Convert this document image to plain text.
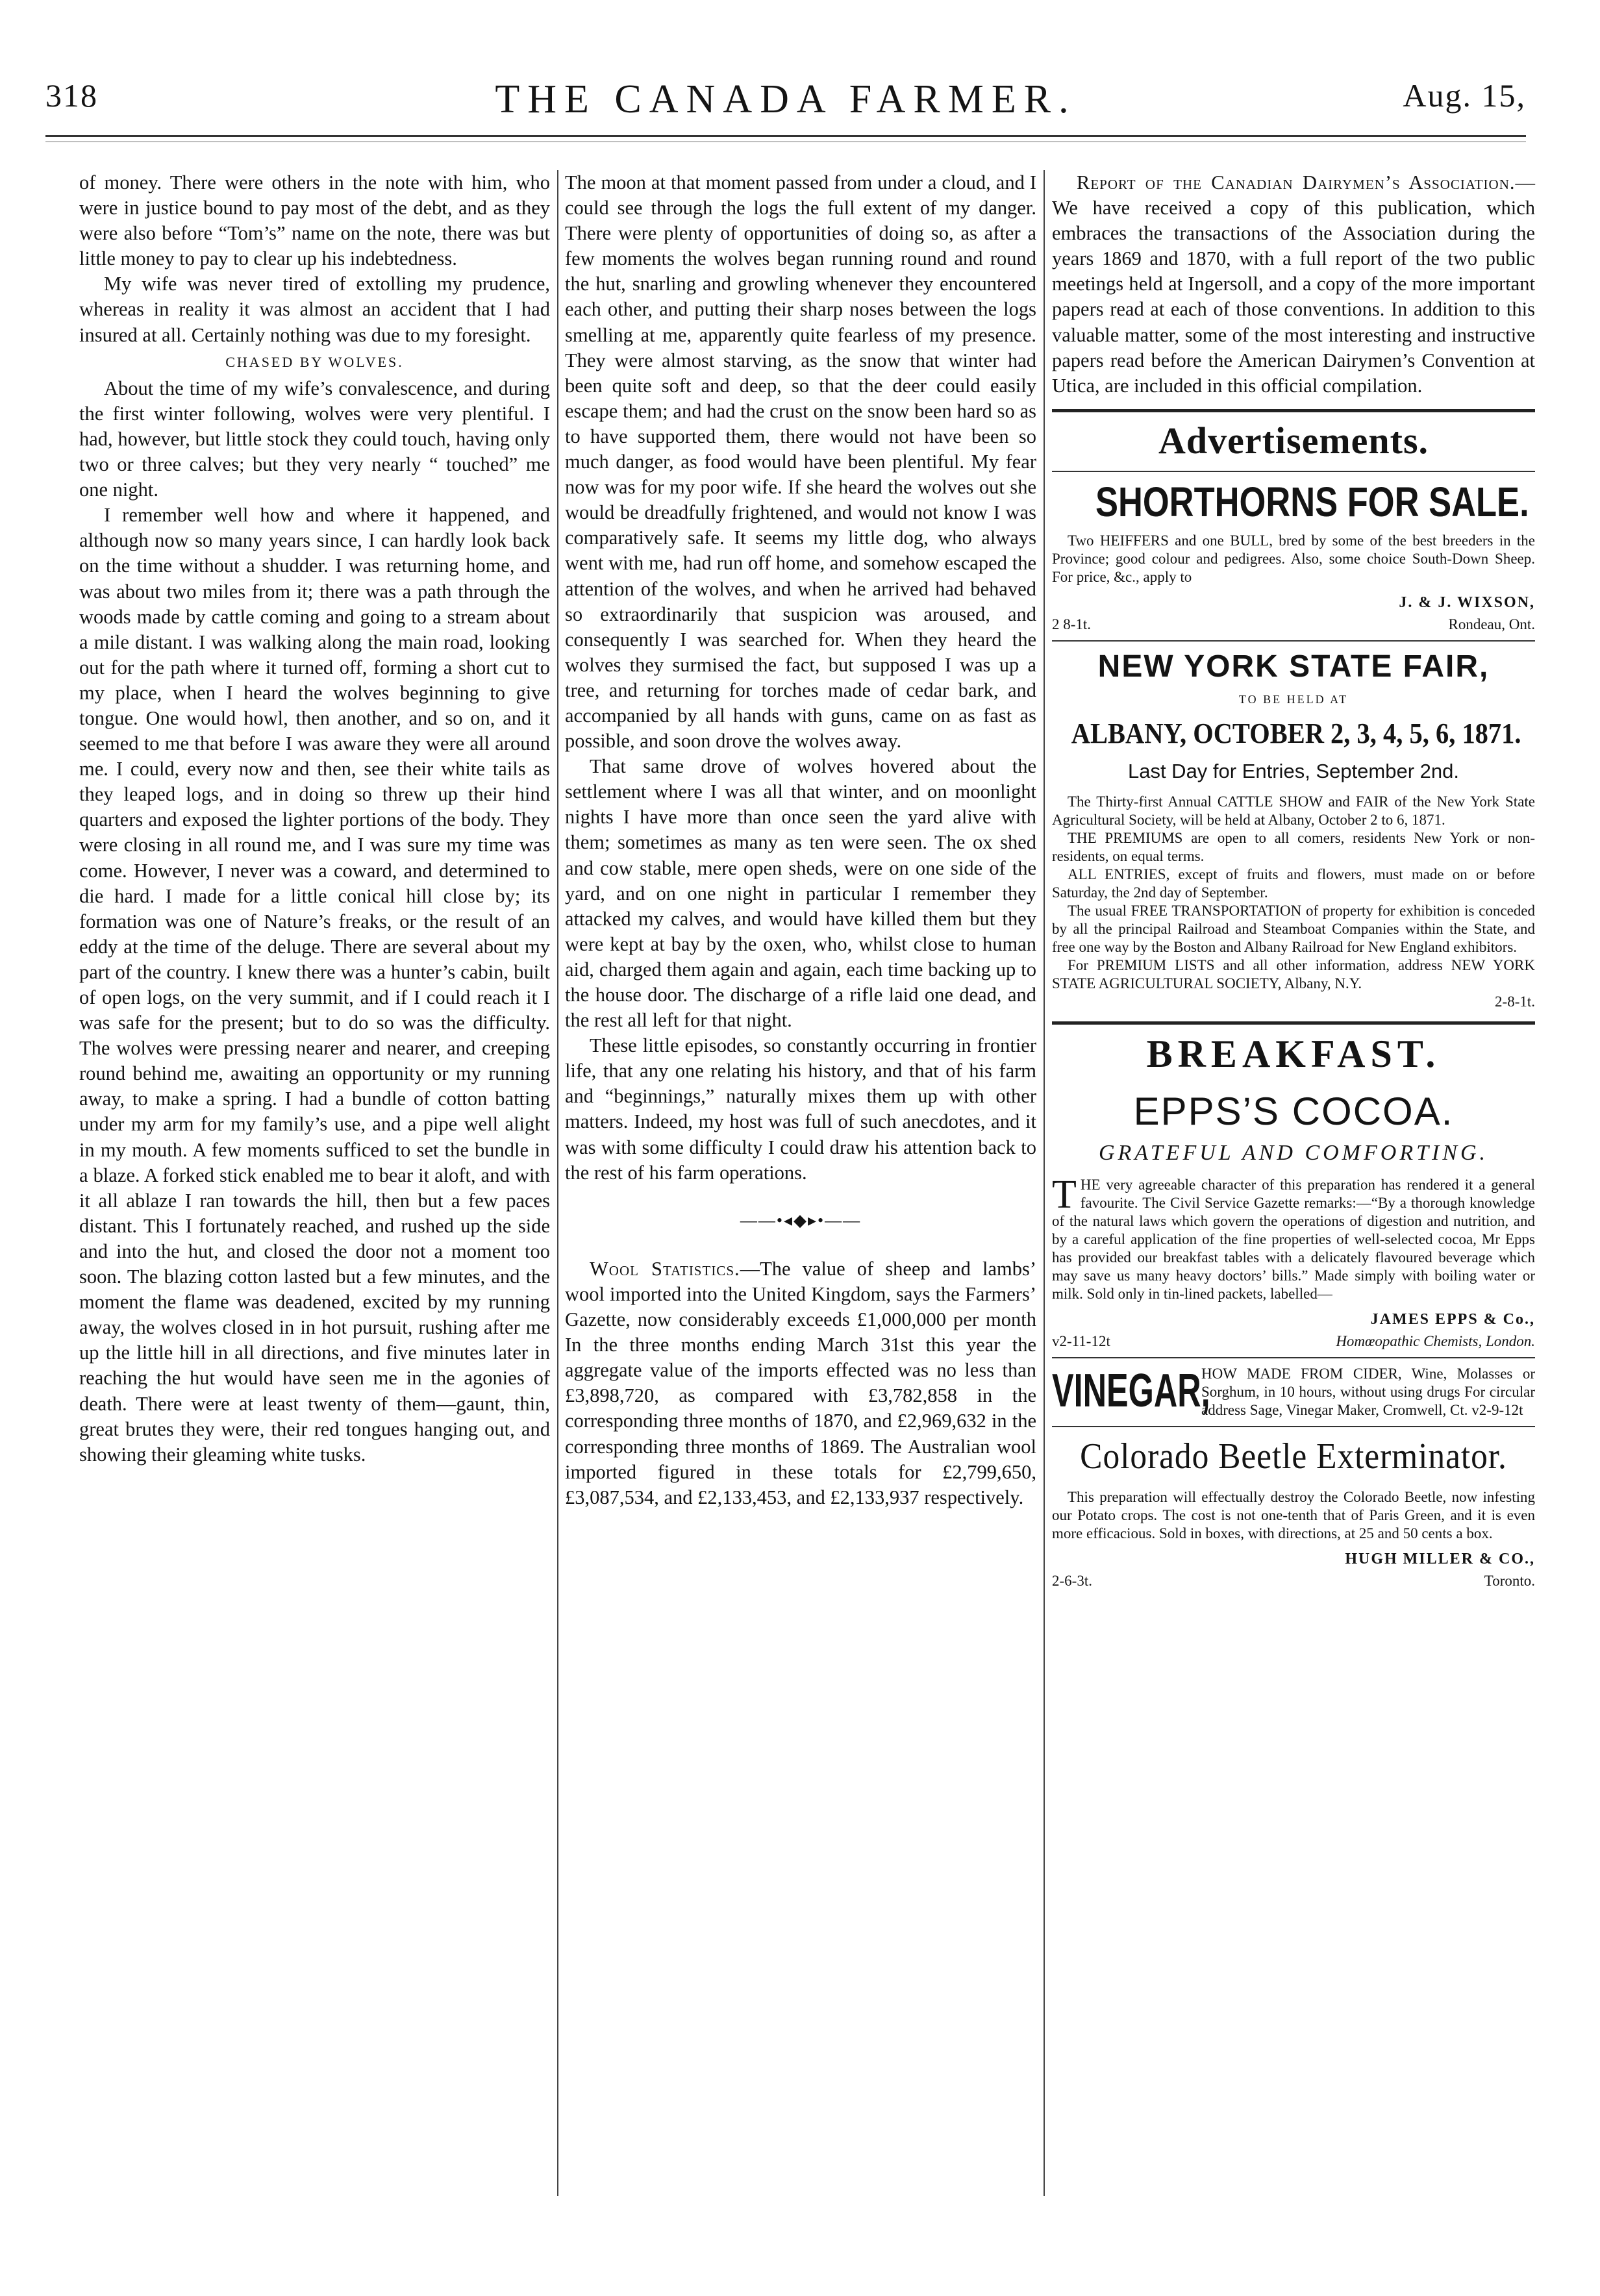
318	THE CANADA FARMER.	Aug. 15,

of money. There were others in the note with him, who were in justice bound to pay most of the debt, and as they were also before “Tom’s” name on the note, there was but little money to pay to clear up his indebtedness.

My wife was never tired of extolling my prudence, whereas in reality it was almost an accident that I had insured at all. Certainly nothing was due to my foresight.

CHASED BY WOLVES.

About the time of my wife’s convalescence, and during the first winter following, wolves were very plentiful. I had, however, but little stock they could touch, having only two or three calves; but they very nearly “ touched” me one night.

I remember well how and where it happened, and although now so many years since, I can hardly look back on the time without a shudder. I was returning home, and was about two miles from it; there was a path through the woods made by cattle coming and going to a stream about a mile distant. I was walking along the main road, looking out for the path where it turned off, forming a short cut to my place, when I heard the wolves beginning to give tongue. One would howl, then another, and so on, and it seemed to me that before I was aware they were all around me. I could, every now and then, see their white tails as they leaped logs, and in doing so threw up their hind quarters and exposed the lighter portions of the body. They were closing in all round me, and I was sure my time was come. However, I never was a coward, and determined to die hard. I made for a little conical hill close by; its formation was one of Nature’s freaks, or the result of an eddy at the time of the deluge. There are several about my part of the country. I knew there was a hunter’s cabin, built of open logs, on the very summit, and if I could reach it I was safe for the present; but to do so was the difficulty. The wolves were pressing nearer and nearer, and creeping round behind me, awaiting an opportunity or my running away, to make a spring. I had a bundle of cotton batting under my arm for my family’s use, and a pipe well alight in my mouth. A few moments sufficed to set the bundle in a blaze. A forked stick enabled me to bear it aloft, and with it all ablaze I ran towards the hill, then but a few paces distant. This I fortunately reached, and rushed up the side and into the hut, and closed the door not a moment too soon. The blazing cotton lasted but a few minutes, and the moment the flame was deadened, excited by my running away, the wolves closed in in hot pursuit, rushing after me up the little hill in all directions, and five minutes later in reaching the hut would have seen me in the agonies of death. There were at least twenty of them—gaunt, thin, great brutes they were, their red tongues hanging out, and showing their gleaming white tusks.

The moon at that moment passed from under a cloud, and I could see through the logs the full extent of my danger. There were plenty of opportunities of doing so, as after a few moments the wolves began running round and round the hut, snarling and growling whenever they encountered each other, and putting their sharp noses between the logs smelling at me, apparently quite fearless of my presence. They were almost starving, as the snow that winter had been quite soft and deep, so that the deer could easily escape them; and had the crust on the snow been hard so as to have supported them, there would not have been so much danger, as food would have been plentiful. My fear now was for my poor wife. If she heard the wolves out she would be dreadfully frightened, and would not know I was comparatively safe. It seems my little dog, who always went with me, had run off home, and somehow escaped the attention of the wolves, and when he arrived had behaved so extraordinarily that suspicion was aroused, and consequently I was searched for. When they heard the wolves they surmised the fact, but supposed I was up a tree, and returning for torches made of cedar bark, and accompanied by all hands with guns, came on as fast as possible, and soon drove the wolves away.

That same drove of wolves hovered about the settlement where I was all that winter, and on moonlight nights I have more than once seen the yard alive with them; sometimes as many as ten were seen. The ox shed and cow stable, mere open sheds, were on one side of the yard, and on one night in particular I remember they attacked my calves, and would have killed them but they were kept at bay by the oxen, who, whilst close to human aid, charged them again and again, each time backing up to the house door. The discharge of a rifle laid one dead, and the rest all left for that night.

These little episodes, so constantly occurring in frontier life, that any one relating his history, and that of his farm and “beginnings,” naturally mixes them up with other matters. Indeed, my host was full of such anecdotes, and it was with some difficulty I could draw his attention back to the rest of his farm operations.

——•◂◆▸•——

Wool Statistics.—The value of sheep and lambs’ wool imported into the United Kingdom, says the Farmers’ Gazette, now considerably exceeds £1,000,000 per month In the three months ending March 31st this year the aggregate value of the imports effected was no less than £3,898,720, as compared with £3,782,858 in the corresponding three months of 1870, and £2,969,632 in the corresponding three months of 1869. The Australian wool imported figured in these totals for £2,799,650, £3,087,534, and £2,133,453, and £2,133,937 respectively.

Report of the Canadian Dairymen’s Association.—We have received a copy of this publication, which embraces the transactions of the Association during the years 1869 and 1870, with a full report of the two public meetings held at Ingersoll, and a copy of the more important papers read at each of those conventions. In addition to this valuable matter, some of the most interesting and instructive papers read before the American Dairymen’s Convention at Utica, are included in this official compilation.

Advertisements.
SHORTHORNS FOR SALE.

Two HEIFFERS and one BULL, bred by some of the best breeders in the Province; good colour and pedigrees. Also, some choice South-Down Sheep. For price, &c., apply to

J. & J. WIXSON,
2 8-1t.	Rondeau, Ont.
NEW YORK STATE FAIR,
TO BE HELD AT
ALBANY, OCTOBER 2, 3, 4, 5, 6, 1871.
Last Day for Entries, September 2nd.

The Thirty-first Annual CATTLE SHOW and FAIR of the New York State Agricultural Society, will be held at Albany, October 2 to 6, 1871.

THE PREMIUMS are open to all comers, residents New York or non-residents, on equal terms.

ALL ENTRIES, except of fruits and flowers, must made on or before Saturday, the 2nd day of September.

The usual FREE TRANSPORTATION of property for exhibition is conceded by all the principal Railroad and Steamboat Companies within the State, and free one way by the Boston and Albany Railroad for New England exhibitors.

For PREMIUM LISTS and all other information, address NEW YORK STATE AGRICULTURAL SOCIETY, Albany, N.Y.

2-8-1t.
BREAKFAST.
EPPS’S COCOA.
GRATEFUL AND COMFORTING.
T HE very agreeable character of this preparation has rendered it a general favourite. The Civil Service Gazette remarks:—“By a thorough knowledge of the natural laws which govern the operations of digestion and nutrition, and by a careful application of the fine properties of well-selected cocoa, Mr Epps has provided our breakfast tables with a delicately flavoured beverage which may save us many heavy doctors’ bills.” Made simply with boiling water or milk. Sold only in tin-lined packets, labelled—
JAMES EPPS & Co.,
v2-11-12t	Homœopathic Chemists, London.
VINEGAR,
HOW MADE FROM CIDER, Wine, Molasses or Sorghum, in 10 hours, without using drugs For circular address Sage, Vinegar Maker, Cromwell, Ct. v2-9-12t
Colorado Beetle Exterminator.

This preparation will effectually destroy the Colorado Beetle, now infesting our Potato crops. The cost is not one-tenth that of Paris Green, and it is even more efficacious. Sold in boxes, with directions, at 25 and 50 cents a box.

HUGH MILLER & CO.,
2-6-3t.	Toronto.
